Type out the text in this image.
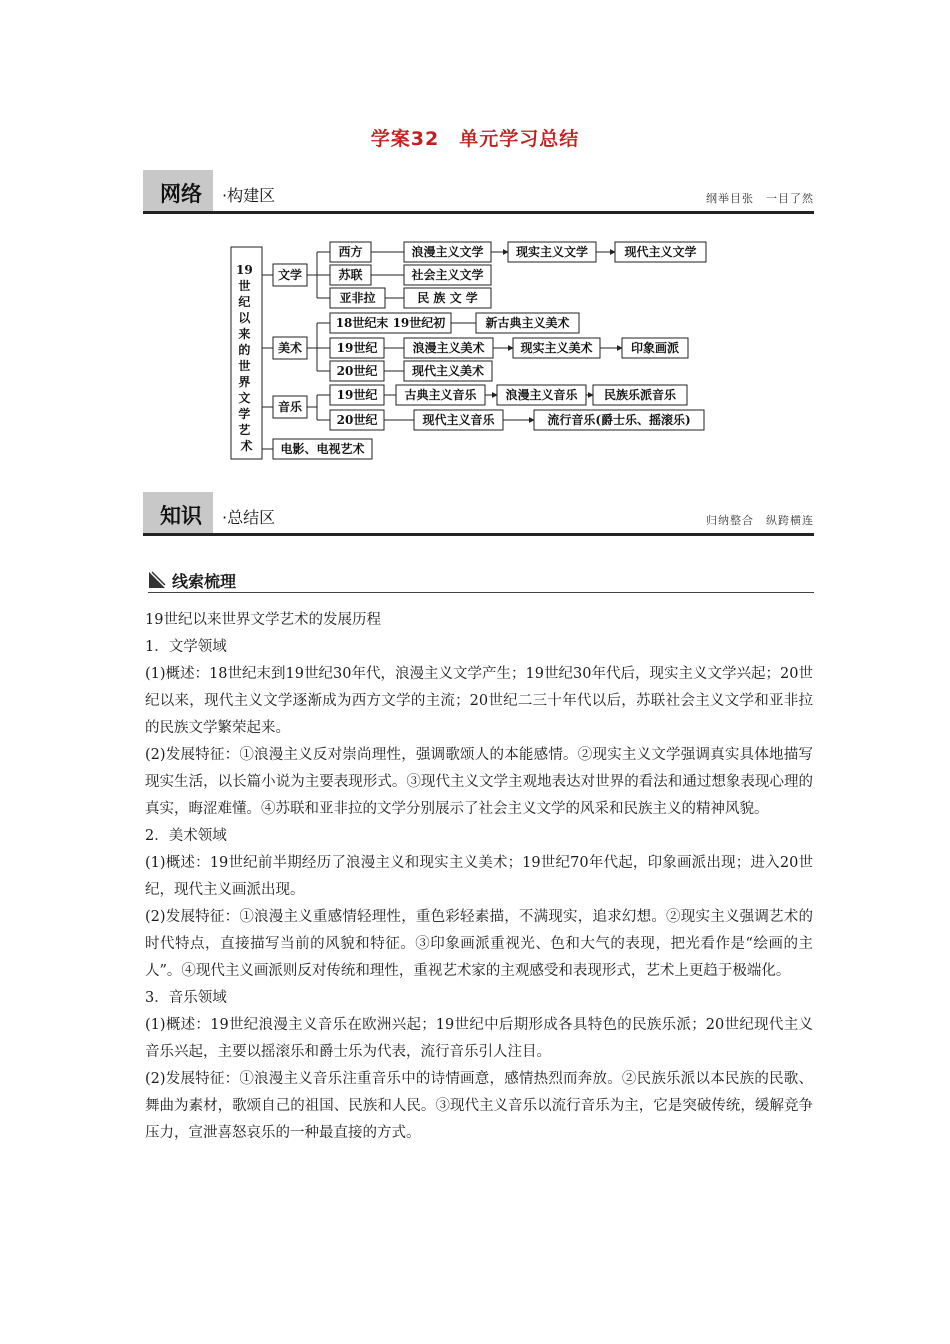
学案32　单元学习总结
网络 ·构建区	纲举目张　一目了然
19 世 纪 以 来 的 世 界 文 学 艺 术
文学
美术
音乐
电影、电视艺术
西方
苏联
亚非拉
浪漫主义文学	现实主义文学	现代主义文学
社会主义文学
民 族 文 学
18世纪末 19世纪初	新古典主义美术
19世纪	浪漫主义美术	现实主义美术	印象画派
20世纪	现代主义美术
19世纪 古典主义音乐 浪漫主义音乐 民族乐派音乐
20世纪	现代主义音乐	流行音乐(爵士乐、摇滚乐)
知识 ·总结区	归纳整合　纵跨横连
线索梳理

19世纪以来世界文学艺术的发展历程

1．文学领域

(1)概述：18世纪末到19世纪30年代，浪漫主义文学产生；19世纪30年代后，现实主义文学兴起；20世纪以来，现代主义文学逐渐成为西方文学的主流；20世纪二三十年代以后，苏联社会主义文学和亚非拉的民族文学繁荣起来。

(2)发展特征：①浪漫主义反对崇尚理性，强调歌颂人的本能感情。②现实主义文学强调真实具体地描写现实生活，以长篇小说为主要表现形式。③现代主义文学主观地表达对世界的看法和通过想象表现心理的真实，晦涩难懂。④苏联和亚非拉的文学分别展示了社会主义文学的风采和民族主义的精神风貌。

2．美术领域

(1)概述：19世纪前半期经历了浪漫主义和现实主义美术；19世纪70年代起，印象画派出现；进入20世纪，现代主义画派出现。

(2)发展特征：①浪漫主义重感情轻理性，重色彩轻素描，不满现实，追求幻想。②现实主义强调艺术的时代特点，直接描写当前的风貌和特征。③印象画派重视光、色和大气的表现，把光看作是“绘画的主人”。④现代主义画派则反对传统和理性，重视艺术家的主观感受和表现形式，艺术上更趋于极端化。

3．音乐领域

(1)概述：19世纪浪漫主义音乐在欧洲兴起；19世纪中后期形成各具特色的民族乐派；20世纪现代主义音乐兴起，主要以摇滚乐和爵士乐为代表，流行音乐引人注目。

(2)发展特征：①浪漫主义音乐注重音乐中的诗情画意，感情热烈而奔放。②民族乐派以本民族的民歌、舞曲为素材，歌颂自己的祖国、民族和人民。③现代主义音乐以流行音乐为主，它是突破传统，缓解竞争压力，宣泄喜怒哀乐的一种最直接的方式。
